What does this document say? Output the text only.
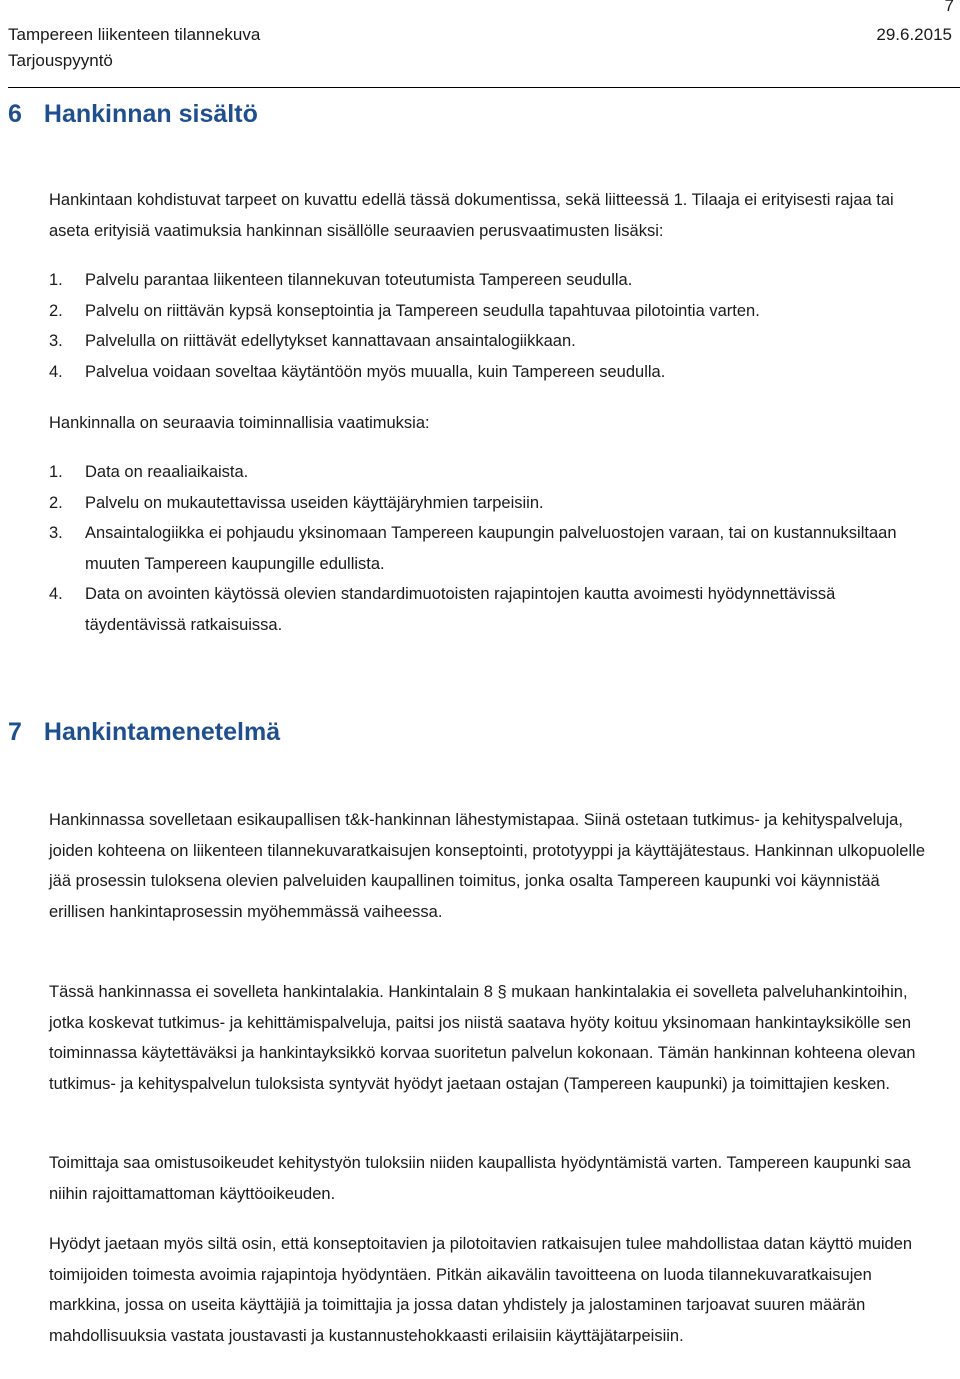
7
Tampereen liikenteen tilannekuva	29.6.2015
Tarjouspyyntö
6 Hankinnan sisältö

Hankintaan kohdistuvat tarpeet on kuvattu edellä tässä dokumentissa, sekä liitteessä 1. Tilaaja ei erityisesti rajaa tai aseta erityisiä vaatimuksia hankinnan sisällölle seuraavien perusvaatimusten lisäksi:

1.	Palvelu parantaa liikenteen tilannekuvan toteutumista Tampereen seudulla.
2.	Palvelu on riittävän kypsä konseptointia ja Tampereen seudulla tapahtuvaa pilotointia varten.
3.	Palvelulla on riittävät edellytykset kannattavaan ansaintalogiikkaan.
4.	Palvelua voidaan soveltaa käytäntöön myös muualla, kuin Tampereen seudulla.

Hankinnalla on seuraavia toiminnallisia vaatimuksia:

1.	Data on reaaliaikaista.
2.	Palvelu on mukautettavissa useiden käyttäjäryhmien tarpeisiin.
3.	Ansaintalogiikka ei pohjaudu yksinomaan Tampereen kaupungin palveluostojen varaan, tai on kustannuksiltaan muuten Tampereen kaupungille edullista.
4.	Data on avointen käytössä olevien standardimuotoisten rajapintojen kautta avoimesti hyödynnettävissä täydentävissä ratkaisuissa.
7 Hankintamenetelmä

Hankinnassa sovelletaan esikaupallisen t&k-hankinnan lähestymistapaa. Siinä ostetaan tutkimus- ja kehityspalveluja, joiden kohteena on liikenteen tilannekuvaratkaisujen konseptointi, prototyyppi ja käyttäjätestaus. Hankinnan ulkopuolelle jää prosessin tuloksena olevien palveluiden kaupallinen toimitus, jonka osalta Tampereen kaupunki voi käynnistää erillisen hankintaprosessin myöhemmässä vaiheessa.

Tässä hankinnassa ei sovelleta hankintalakia. Hankintalain 8 § mukaan hankintalakia ei sovelleta palveluhankintoihin, jotka koskevat tutkimus- ja kehittämispalveluja, paitsi jos niistä saatava hyöty koituu yksinomaan hankintayksikölle sen toiminnassa käytettäväksi ja hankintayksikkö korvaa suoritetun palvelun kokonaan. Tämän hankinnan kohteena olevan tutkimus- ja kehityspalvelun tuloksista syntyvät hyödyt jaetaan ostajan (Tampereen kaupunki) ja toimittajien kesken.

Toimittaja saa omistusoikeudet kehitystyön tuloksiin niiden kaupallista hyödyntämistä varten. Tampereen kaupunki saa niihin rajoittamattoman käyttöoikeuden.

Hyödyt jaetaan myös siltä osin, että konseptoitavien ja pilotoitavien ratkaisujen tulee mahdollistaa datan käyttö muiden toimijoiden toimesta avoimia rajapintoja hyödyntäen. Pitkän aikavälin tavoitteena on luoda tilannekuvaratkaisujen markkina, jossa on useita käyttäjiä ja toimittajia ja jossa datan yhdistely ja jalostaminen tarjoavat suuren määrän mahdollisuuksia vastata joustavasti ja kustannustehokkaasti erilaisiin käyttäjätarpeisiin.
